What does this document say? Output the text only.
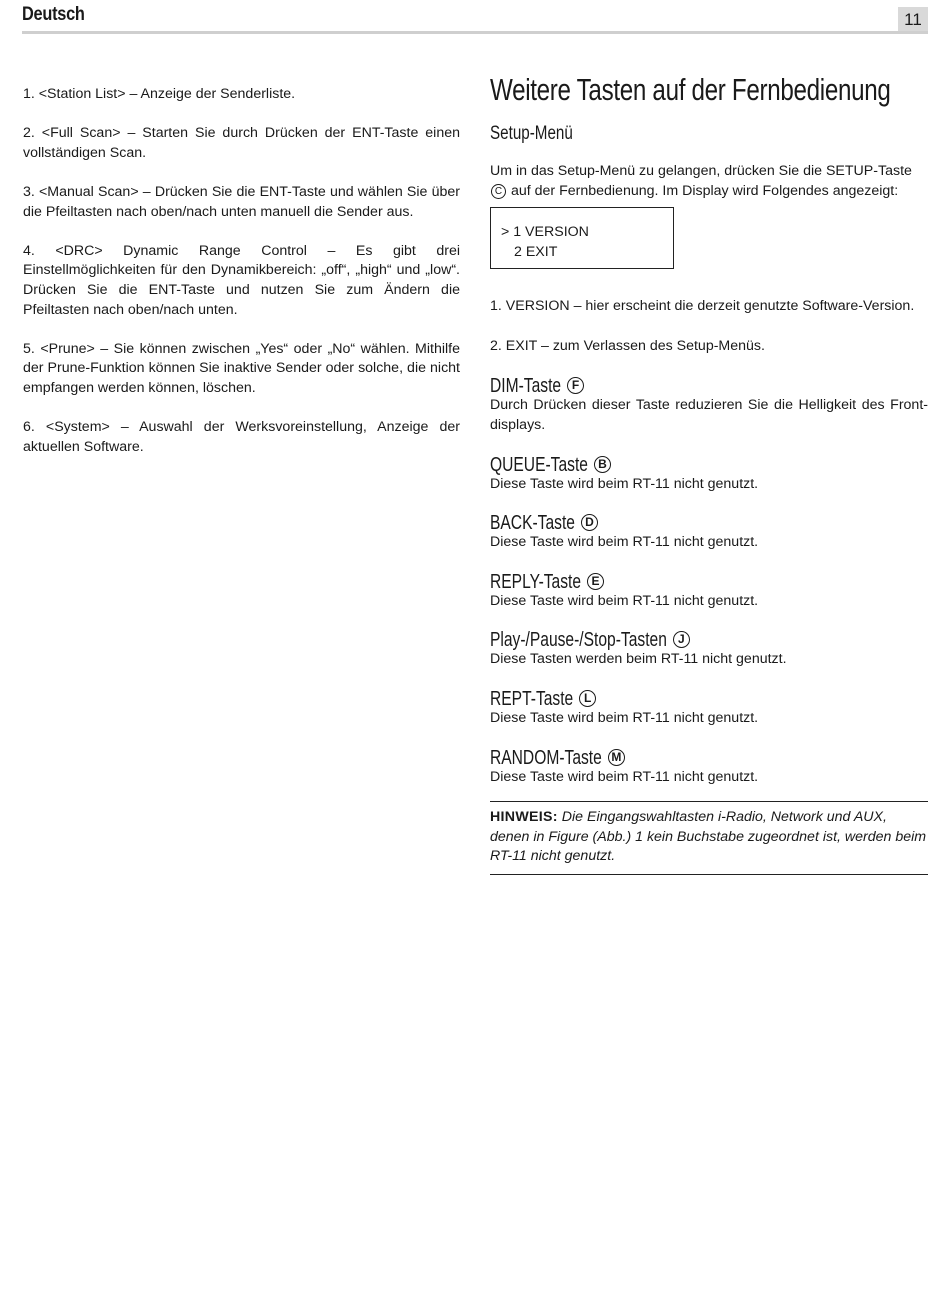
Deutsch	11

1. <Station List> – Anzeige der Senderliste.

2. <Full Scan> – Starten Sie durch Drücken der ENT-Taste einen vollständigen Scan.

3. <Manual Scan> – Drücken Sie die ENT-Taste und wählen Sie über die Pfeiltasten nach oben/nach unten manuell die Sender aus.

4. <DRC> Dynamic Range Control – Es gibt drei Einstellmöglichkeiten für den Dynamikbereich: „off“, „high“ und „low“. Drücken Sie die ENT-Taste und nutzen Sie zum Ändern die Pfeiltasten nach oben/nach unten.

5. <Prune> – Sie können zwischen „Yes“ oder „No“ wählen. Mithilfe der Prune-Funktion können Sie inaktive Sender oder solche, die nicht empfangen werden können, löschen.

6. <System> – Auswahl der Werksvoreinstellung, Anzeige der aktuellen Software.

Weitere Tasten auf der Fernbedienung
Setup-Menü

Um in das Setup-Menü zu gelangen, drücken Sie die SETUP-Taste C auf der Fernbedienung. Im Display wird Folgendes angezeigt:

> 1 VERSION
2 EXIT

1. VERSION – hier erscheint die derzeit genutzte Software-Version.

2. EXIT – zum Verlassen des Setup-Menüs.

DIM-Taste F

Durch Drücken dieser Taste reduzieren Sie die Helligkeit des Front-displays.

QUEUE-Taste B

Diese Taste wird beim RT-11 nicht genutzt.

BACK-Taste D

Diese Taste wird beim RT-11 nicht genutzt.

REPLY-Taste E

Diese Taste wird beim RT-11 nicht genutzt.

Play-/Pause-/Stop-Tasten J

Diese Tasten werden beim RT-11 nicht genutzt.

REPT-Taste L

Diese Taste wird beim RT-11 nicht genutzt.

RANDOM-Taste M

Diese Taste wird beim RT-11 nicht genutzt.

HINWEIS: Die Eingangswahltasten i-Radio, Network und AUX, denen in Figure (Abb.) 1 kein Buchstabe zugeordnet ist, werden beim RT-11 nicht genutzt.
